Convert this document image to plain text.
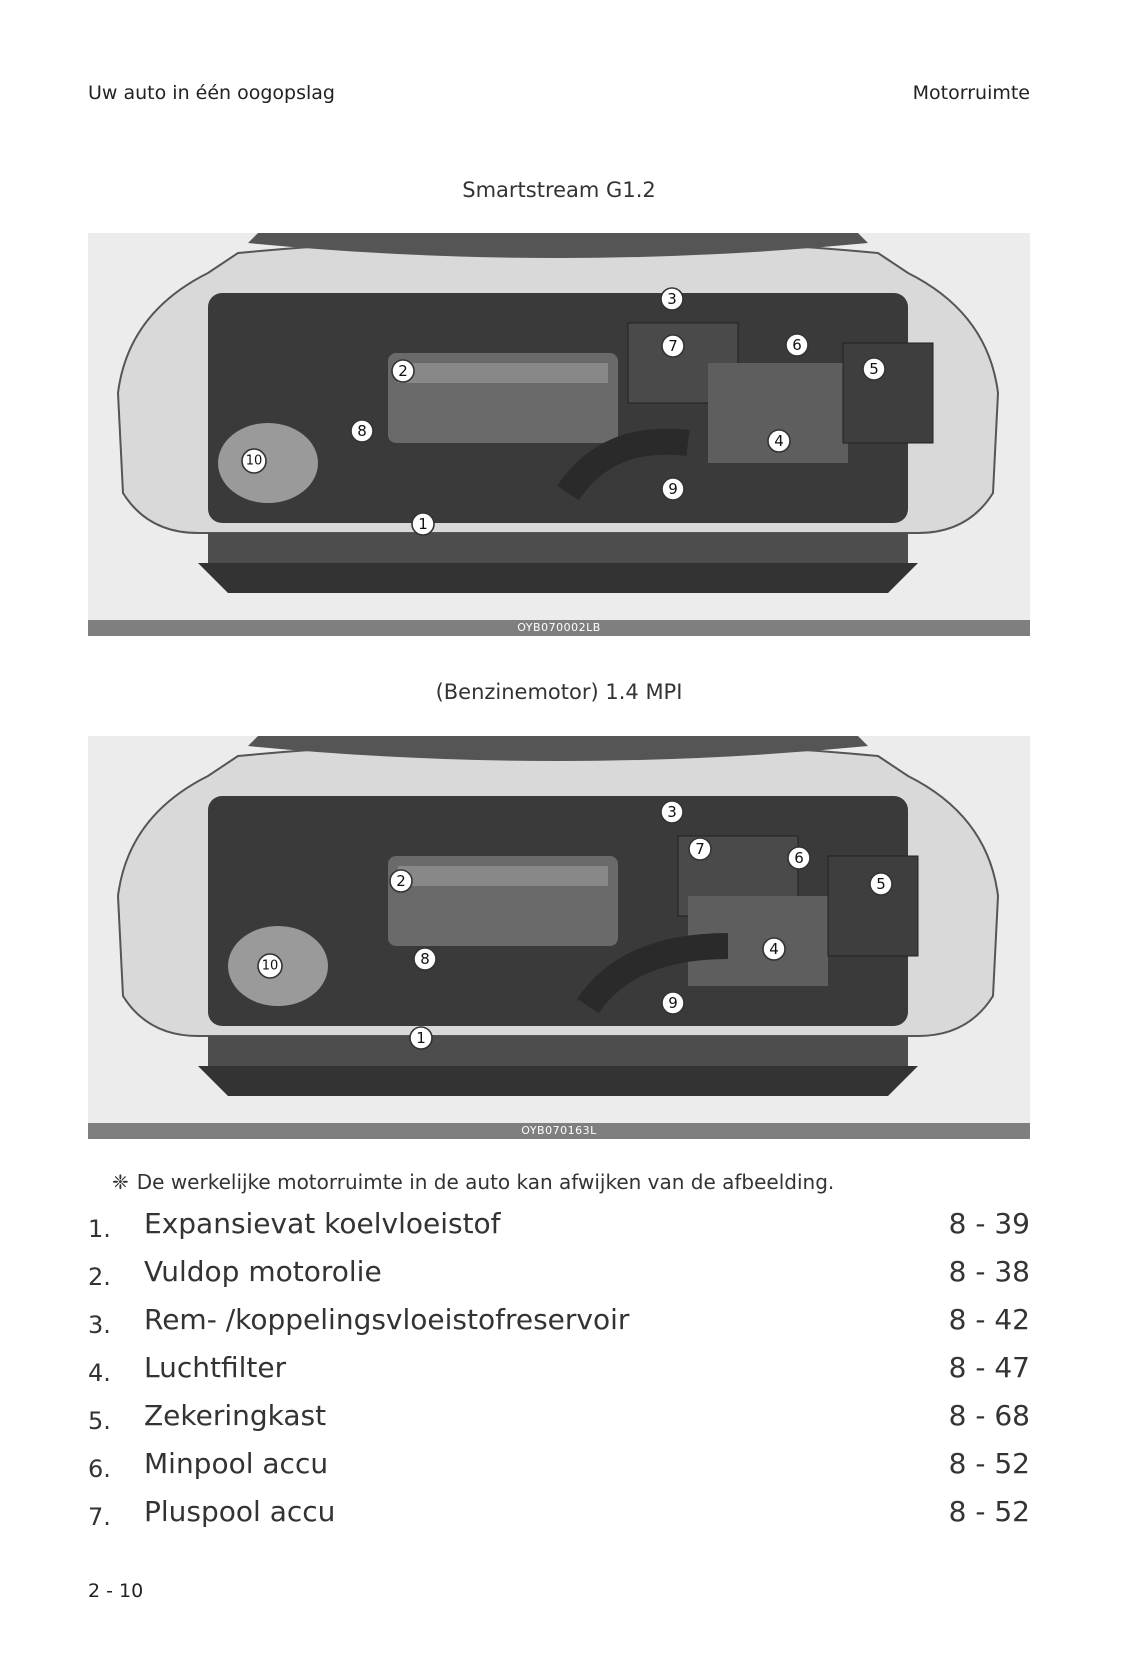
Uw auto in één oogopslag	Motorruimte
Smartstream G1.2
1
2
3
4
5
6
7
8
9
10
OYB070002LB
(Benzinemotor) 1.4 MPI
1
2
3
4
5
6
7
8
9
10
OYB070163L
❈ De werkelijke motorruimte in de auto kan afwijken van de afbeelding.
1. Expansievat koelvloeistof	8 - 39
2. Vuldop motorolie	8 - 38
3. Rem- /koppelingsvloeistofreservoir	8 - 42
4. Luchtfilter	8 - 47
5. Zekeringkast	8 - 68
6. Minpool accu	8 - 52
7. Pluspool accu	8 - 52
2 - 10
